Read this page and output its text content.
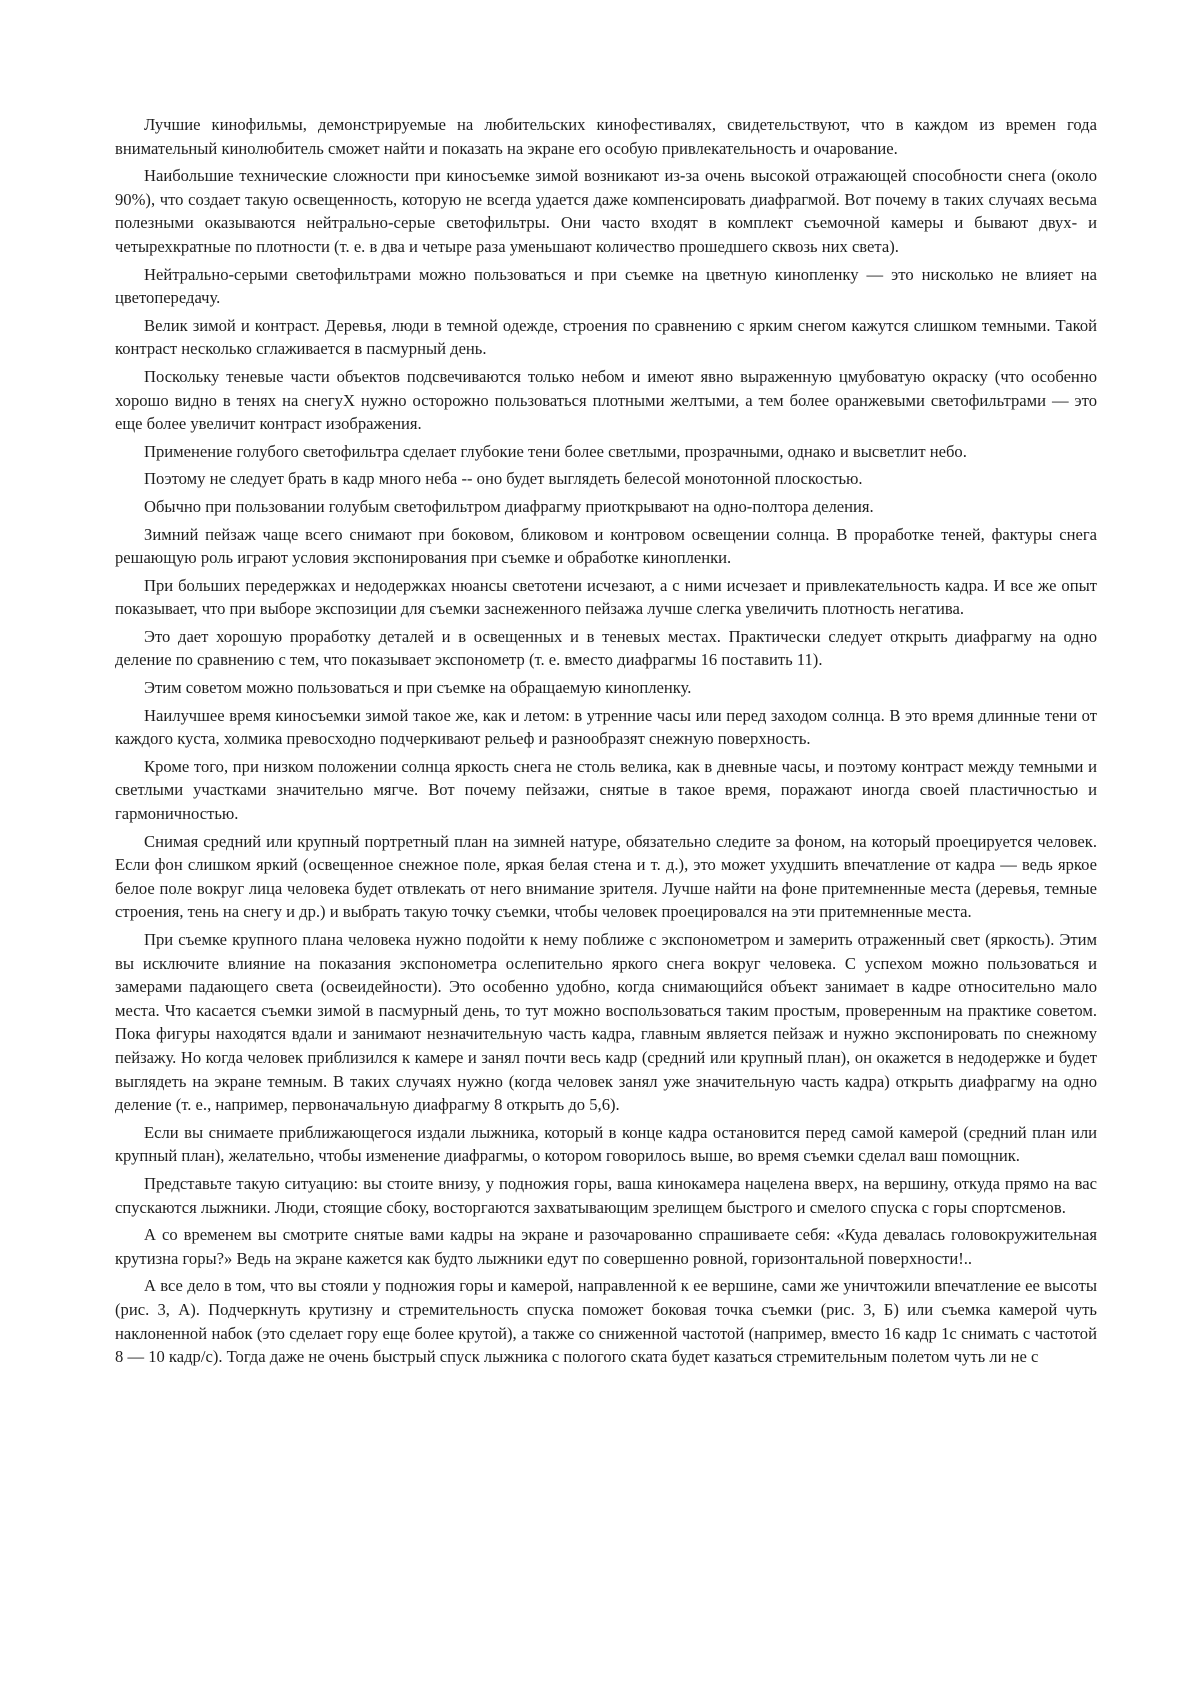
Лучшие кинофильмы, демонстрируемые на любительских кинофестивалях, свидетельствуют, что в каждом из времен года внимательный кинолюбитель сможет найти и показать на экране его особую привлекательность и очарование.

Наибольшие технические сложности при киносъемке зимой возникают из-за очень высокой отражающей способности снега (около 90%), что создает такую освещенность, которую не всегда удается даже компенсировать диафрагмой. Вот почему в таких случаях весьма полезными оказываются нейтрально-серые светофильтры. Они часто входят в комплект съемочной камеры и бывают двух- и четырехкратные по плотности (т. е. в два и четыре раза уменьшают количество прошедшего сквозь них света).

Нейтрально-серыми светофильтрами можно пользоваться и при съемке на цветную кинопленку — это нисколько не влияет на цветопередачу.

Велик зимой и контраст. Деревья, люди в темной одежде, строения по сравнению с ярким снегом кажутся слишком темными. Такой контраст несколько сглаживается в пасмурный день.

Поскольку теневые части объектов подсвечиваются только небом и имеют явно выраженную цмубоватую окраску (что особенно хорошо видно в тенях на снегуХ нужно осторожно пользоваться плотными желтыми, а тем более оранжевыми светофильтрами — это еще более увеличит контраст изображения.

Применение голубого светофильтра сделает глубокие тени более светлыми, прозрачными, однако и высветлит небо.

Поэтому не следует брать в кадр много неба -- оно будет выглядеть белесой монотонной плоскостью.

Обычно при пользовании голубым светофильтром диафрагму приоткрывают на одно-полтора деления.

Зимний пейзаж чаще всего снимают при боковом, бликовом и контровом освещении солнца. В проработке теней, фактуры снега решающую роль играют условия экспонирования при съемке и обработке кинопленки.

При больших передержках и недодержках нюансы светотени исчезают, а с ними исчезает и привлекательность кадра. И все же опыт показывает, что при выборе экспозиции для съемки заснеженного пейзажа лучше слегка увеличить плотность негатива.

Это дает хорошую проработку деталей и в освещенных и в теневых местах. Практически следует открыть диафрагму на одно деление по сравнению с тем, что показывает экспонометр (т. е. вместо диафрагмы 16 поставить 11).

Этим советом можно пользоваться и при съемке на обращаемую кинопленку.

Наилучшее время киносъемки зимой такое же, как и летом: в утренние часы или перед заходом солнца. В это время длинные тени от каждого куста, холмика превосходно подчеркивают рельеф и разнообразят снежную поверхность.

Кроме того, при низком положении солнца яркость снега не столь велика, как в дневные часы, и поэтому контраст между темными и светлыми участками значительно мягче. Вот почему пейзажи, снятые в такое время, поражают иногда своей пластичностью и гармоничностью.

Снимая средний или крупный портретный план на зимней натуре, обязательно следите за фоном, на который проецируется человек. Если фон слишком яркий (освещенное снежное поле, яркая белая стена и т. д.), это может ухудшить впечатление от кадра — ведь яркое белое поле вокруг лица человека будет отвлекать от него внимание зрителя. Лучше найти на фоне притемненные места (деревья, темные строения, тень на снегу и др.) и выбрать такую точку съемки, чтобы человек проецировался на эти притемненные места.

При съемке крупного плана человека нужно подойти к нему поближе с экспонометром и замерить отраженный свет (яркость). Этим вы исключите влияние на показания экспонометра ослепительно яркого снега вокруг человека. С успехом можно пользоваться и замерами падающего света (освеидейности). Это особенно удобно, когда снимающийся объект занимает в кадре относительно мало места. Что касается съемки зимой в пасмурный день, то тут можно воспользоваться таким простым, проверенным на практике советом. Пока фигуры находятся вдали и занимают незначительную часть кадра, главным является пейзаж и нужно экспонировать по снежному пейзажу. Но когда человек приблизился к камере и занял почти весь кадр (средний или крупный план), он окажется в недодержке и будет выглядеть на экране темным. В таких случаях нужно (когда человек занял уже значительную часть кадра) открыть диафрагму на одно деление (т. е., например, первоначальную диафрагму 8 открыть до 5,6).

Если вы снимаете приближающегося издали лыжника, который в конце кадра остановится перед самой камерой (средний план или крупный план), желательно, чтобы изменение диафрагмы, о котором говорилось выше, во время съемки сделал ваш помощник.

Представьте такую ситуацию: вы стоите внизу, у подножия горы, ваша кинокамера нацелена вверх, на вершину, откуда прямо на вас спускаются лыжники. Люди, стоящие сбоку, восторгаются захватывающим зрелищем быстрого и смелого спуска с горы спортсменов.

А со временем вы смотрите снятые вами кадры на экране и разочарованно спрашиваете себя: «Куда девалась головокружительная крутизна горы?» Ведь на экране кажется как будто лыжники едут по совершенно ровной, горизонтальной поверхности!..

А все дело в том, что вы стояли у подножия горы и камерой, направленной к ее вершине, сами же уничтожили впечатление ее высоты (рис. 3, А). Подчеркнуть крутизну и стремительность спуска поможет боковая точка съемки (рис. 3, Б) или съемка камерой чуть наклоненной набок (это сделает гору еще более крутой), а также со сниженной частотой (например, вместо 16 кадр 1с снимать с частотой 8 — 10 кадр/с). Тогда даже не очень быстрый спуск лыжника с пологого ската будет казаться стремительным полетом чуть ли не с
